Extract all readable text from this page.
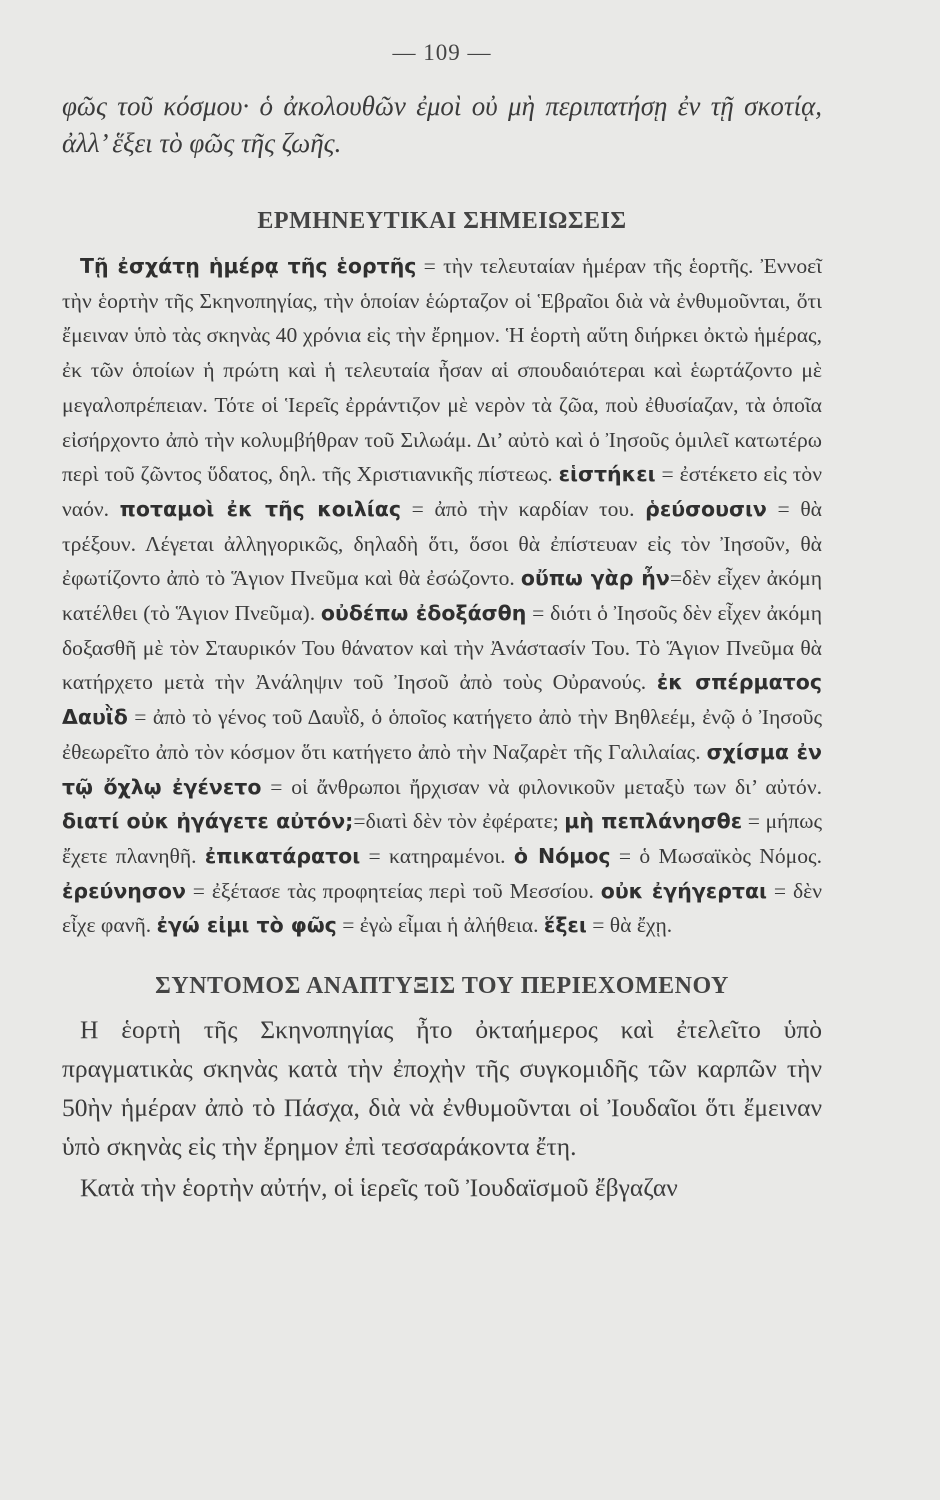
— 109 —

φῶς τοῦ κόσμου· ὁ ἀκολουθῶν ἐμοὶ οὐ μὴ περιπατήσῃ ἐν τῇ σκοτίᾳ, ἀλλ’ ἕξει τὸ φῶς τῆς ζωῆς.

ΕΡΜΗΝΕΥΤΙΚΑΙ ΣΗΜΕΙΩΣΕΙΣ

Τῇ ἐσχάτῃ ἡμέρᾳ τῆς ἑορτῆς = τὴν τελευταίαν ἡμέραν τῆς ἑορτῆς. Ἐννοεῖ τὴν ἑορτὴν τῆς Σκηνοπηγίας, τὴν ὁποίαν ἑώρταζον οἱ Ἑβραῖοι διὰ νὰ ἐνθυμοῦνται, ὅτι ἔμειναν ὑπὸ τὰς σκηνὰς 40 χρόνια εἰς τὴν ἔρημον. Ἡ ἑορτὴ αὕτη διήρκει ὀκτὼ ἡμέρας, ἐκ τῶν ὁποίων ἡ πρώτη καὶ ἡ τελευταία ἦσαν αἱ σπουδαιότεραι καὶ ἑωρτάζοντο μὲ μεγαλοπρέπειαν. Τότε οἱ Ἱερεῖς ἐρράντιζον μὲ νερὸν τὰ ζῶα, ποὺ ἐθυσίαζαν, τὰ ὁποῖα εἰσήρχοντο ἀπὸ τὴν κολυμβήθραν τοῦ Σιλωάμ. Δι’ αὐτὸ καὶ ὁ Ἰησοῦς ὁμιλεῖ κατωτέρω περὶ τοῦ ζῶντος ὕδατος, δηλ. τῆς Χριστιανικῆς πίστεως. εἱστήκει = ἐστέκετο εἰς τὸν ναόν. ποταμοὶ ἐκ τῆς κοιλίας = ἀπὸ τὴν καρδίαν του. ῥεύσουσιν = θὰ τρέξουν. Λέγεται ἀλληγορικῶς, δηλαδὴ ὅτι, ὅσοι θὰ ἐπίστευαν εἰς τὸν Ἰησοῦν, θὰ ἐφωτίζοντο ἀπὸ τὸ Ἅγιον Πνεῦμα καὶ θὰ ἐσώζοντο. οὔπω γὰρ ἦν=δὲν εἶχεν ἀκόμη κατέλθει (τὸ Ἅγιον Πνεῦμα). οὐδέπω ἐδοξάσθη = διότι ὁ Ἰησοῦς δὲν εἶχεν ἀκόμη δοξασθῆ μὲ τὸν Σταυρικόν Του θάνατον καὶ τὴν Ἀνάστασίν Του. Τὸ Ἅγιον Πνεῦμα θὰ κατήρχετο μετὰ τὴν Ἀνάληψιν τοῦ Ἰησοῦ ἀπὸ τοὺς Οὐρανούς. ἐκ σπέρματος Δαυῒδ = ἀπὸ τὸ γένος τοῦ Δαυῒδ, ὁ ὁποῖος κατήγετο ἀπὸ τὴν Βηθλεέμ, ἐνῷ ὁ Ἰησοῦς ἐθεωρεῖτο ἀπὸ τὸν κόσμον ὅτι κατήγετο ἀπὸ τὴν Ναζαρὲτ τῆς Γαλιλαίας. σχίσμα ἐν τῷ ὄχλῳ ἐγένετο = οἱ ἄνθρωποι ἤρχισαν νὰ φιλονικοῦν μεταξὺ των δι’ αὐτόν. διατί οὐκ ἠγάγετε αὐτόν;=διατὶ δὲν τὸν ἐφέρατε; μὴ πεπλάνησθε = μήπως ἔχετε πλανηθῆ. ἐπικατάρατοι = κατηραμένοι. ὁ Νόμος = ὁ Μωσαϊκὸς Νόμος. ἐρεύνησον = ἐξέτασε τὰς προφητείας περὶ τοῦ Μεσσίου. οὐκ ἐγήγερται = δὲν εἶχε φανῆ. ἐγώ εἰμι τὸ φῶς = ἐγὼ εἶμαι ἡ ἀλήθεια. ἕξει = θὰ ἔχῃ.

ΣΥΝΤΟΜΟΣ ΑΝΑΠΤΥΞΙΣ ΤΟΥ ΠΕΡΙΕΧΟΜΕΝΟΥ

Η ἑορτὴ τῆς Σκηνοπηγίας ἦτο ὀκταήμερος καὶ ἐτελεῖτο ὑπὸ πραγματικὰς σκηνὰς κατὰ τὴν ἐποχὴν τῆς συγκομιδῆς τῶν καρπῶν τὴν 50ὴν ἡμέραν ἀπὸ τὸ Πάσχα, διὰ νὰ ἐνθυμοῦνται οἱ Ἰουδαῖοι ὅτι ἔμειναν ὑπὸ σκηνὰς εἰς τὴν ἔρημον ἐπὶ τεσσαράκοντα ἔτη.

Κατὰ τὴν ἑορτὴν αὐτήν, οἱ ἱερεῖς τοῦ Ἰουδαϊσμοῦ ἔβγαζαν
